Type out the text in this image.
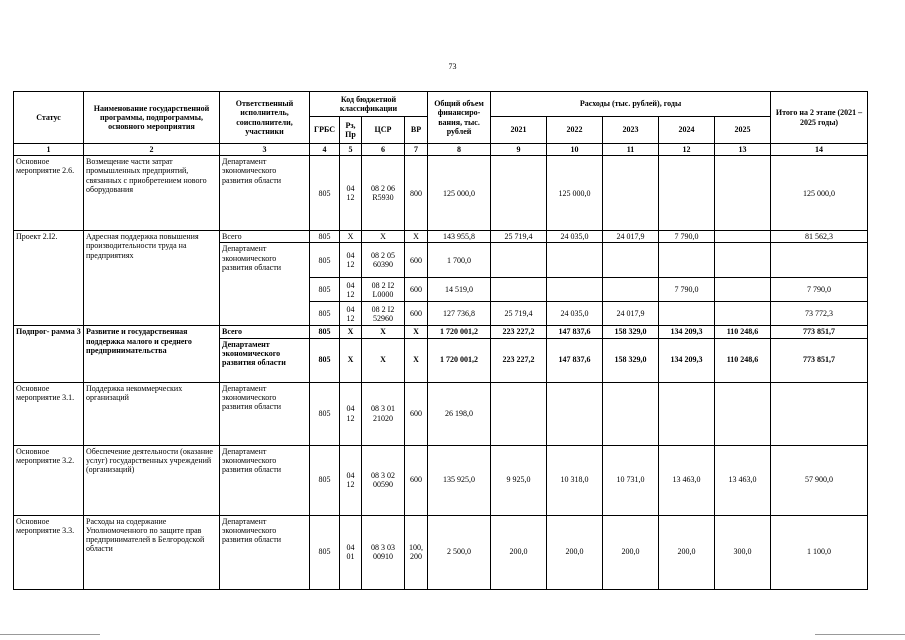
73
Статус	Наименование государственной программы, подпрограммы, основного мероприятия	Ответственный исполнитель, соисполнители, участники	Код бюджетной классификации				Общий объем финансиро- вания, тыс. рублей	Расходы (тыс. рублей), годы					Итого на 2 этапе (2021 – 2025 годы)
			ГРБС	Рз, Пр	ЦСР	ВР		2021	2022	2023	2024	2025	
1	2	3	4	5	6	7	8	9	10	11	12	13	14
Основное мероприятие 2.6.	Возмещение части затрат промышленных предприятий, связанных с приобретением нового оборудования	Департамент экономического развития области	805	04 12	08 2 06 R5930	800	125 000,0		125 000,0				125 000,0
Проект 2.I2.	Адресная поддержка повышения производительности труда на предприятиях	Всего	805	X	X	X	143 955,8	25 719,4	24 035,0	24 017,9	7 790,0		81 562,3
		Департамент экономического развития области	805	04 12	08 2 05 60390	600	1 700,0						
			805	04 12	08 2 I2 L0000	600	14 519,0				7 790,0		7 790,0
			805	04 12	08 2 I2 52960	600	127 736,8	25 719,4	24 035,0	24 017,9			73 772,3
Подпрог- рамма 3	Развитие и государственная поддержка малого и среднего предпринимательства	Всего	805	X	X	X	1 720 001,2	223 227,2	147 837,6	158 329,0	134 209,3	110 248,6	773 851,7
		Департамент экономического развития области	805	X	X	X	1 720 001,2	223 227,2	147 837,6	158 329,0	134 209,3	110 248,6	773 851,7
Основное мероприятие 3.1.	Поддержка некоммерческих организаций	Департамент экономического развития области	805	04 12	08 3 01 21020	600	26 198,0						
Основное мероприятие 3.2.	Обеспечение деятельности (оказание услуг) государственных учреждений (организаций)	Департамент экономического развития области	805	04 12	08 3 02 00590	600	135 925,0	9 925,0	10 318,0	10 731,0	13 463,0	13 463,0	57 900,0
Основное мероприятие 3.3.	Расходы на содержание Уполномоченного по защите прав предпринимателей в Белгородской области	Департамент экономического развития области	805	04 01	08 3 03 00910	100, 200	2 500,0	200,0	200,0	200,0	200,0	300,0	1 100,0
